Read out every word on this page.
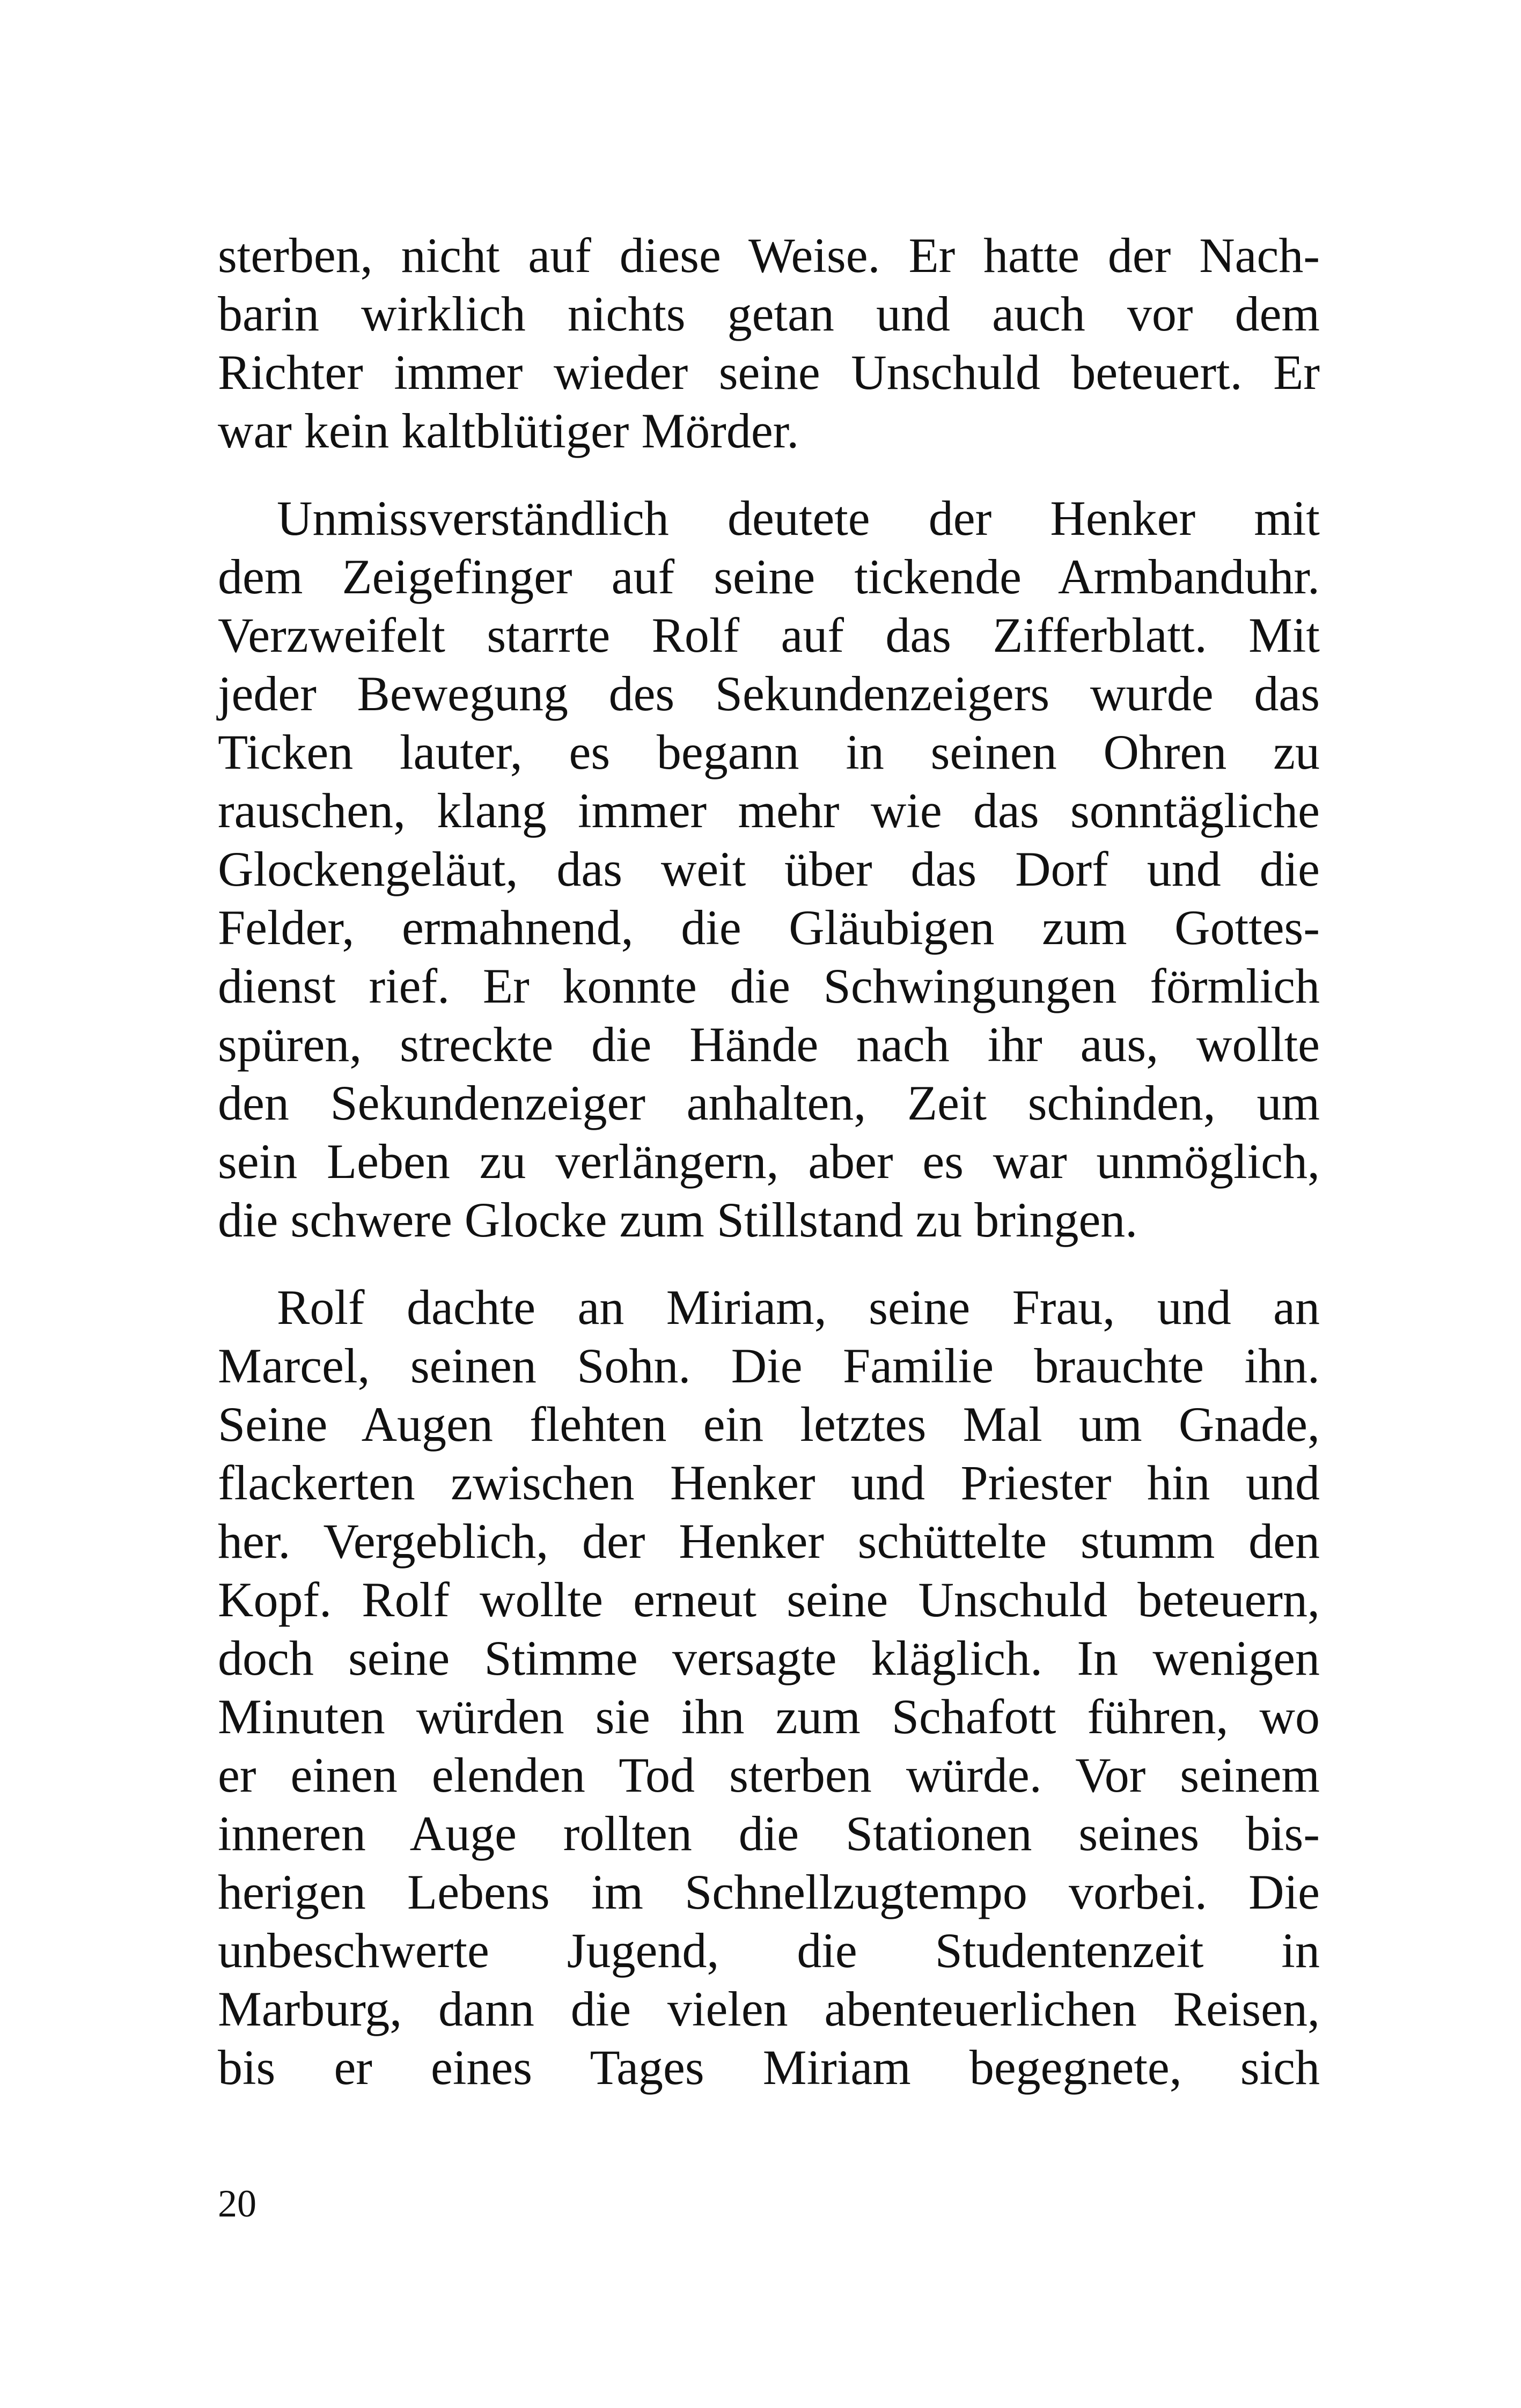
sterben, nicht auf diese Weise. Er hatte der Nach-
barin wirklich nichts getan und auch vor dem
Richter immer wieder seine Unschuld beteuert. Er
war kein kaltblütiger Mörder.
Unmissverständlich deutete der Henker mit
dem Zeigefinger auf seine tickende Armbanduhr.
Verzweifelt starrte Rolf auf das Zifferblatt. Mit
jeder Bewegung des Sekundenzeigers wurde das
Ticken lauter, es begann in seinen Ohren zu
rauschen, klang immer mehr wie das sonntägliche
Glockengeläut, das weit über das Dorf und die
Felder, ermahnend, die Gläubigen zum Gottes-
dienst rief. Er konnte die Schwingungen förmlich
spüren, streckte die Hände nach ihr aus, wollte
den Sekundenzeiger anhalten, Zeit schinden, um
sein Leben zu verlängern, aber es war unmöglich,
die schwere Glocke zum Stillstand zu bringen.
Rolf dachte an Miriam, seine Frau, und an
Marcel, seinen Sohn. Die Familie brauchte ihn.
Seine Augen flehten ein letztes Mal um Gnade,
flackerten zwischen Henker und Priester hin und
her. Vergeblich, der Henker schüttelte stumm den
Kopf. Rolf wollte erneut seine Unschuld beteuern,
doch seine Stimme versagte kläglich. In wenigen
Minuten würden sie ihn zum Schafott führen, wo
er einen elenden Tod sterben würde. Vor seinem
inneren Auge rollten die Stationen seines bis-
herigen Lebens im Schnellzugtempo vorbei. Die
unbeschwerte Jugend, die Studentenzeit in
Marburg, dann die vielen abenteuerlichen Reisen,
bis er eines Tages Miriam begegnete, sich
20
